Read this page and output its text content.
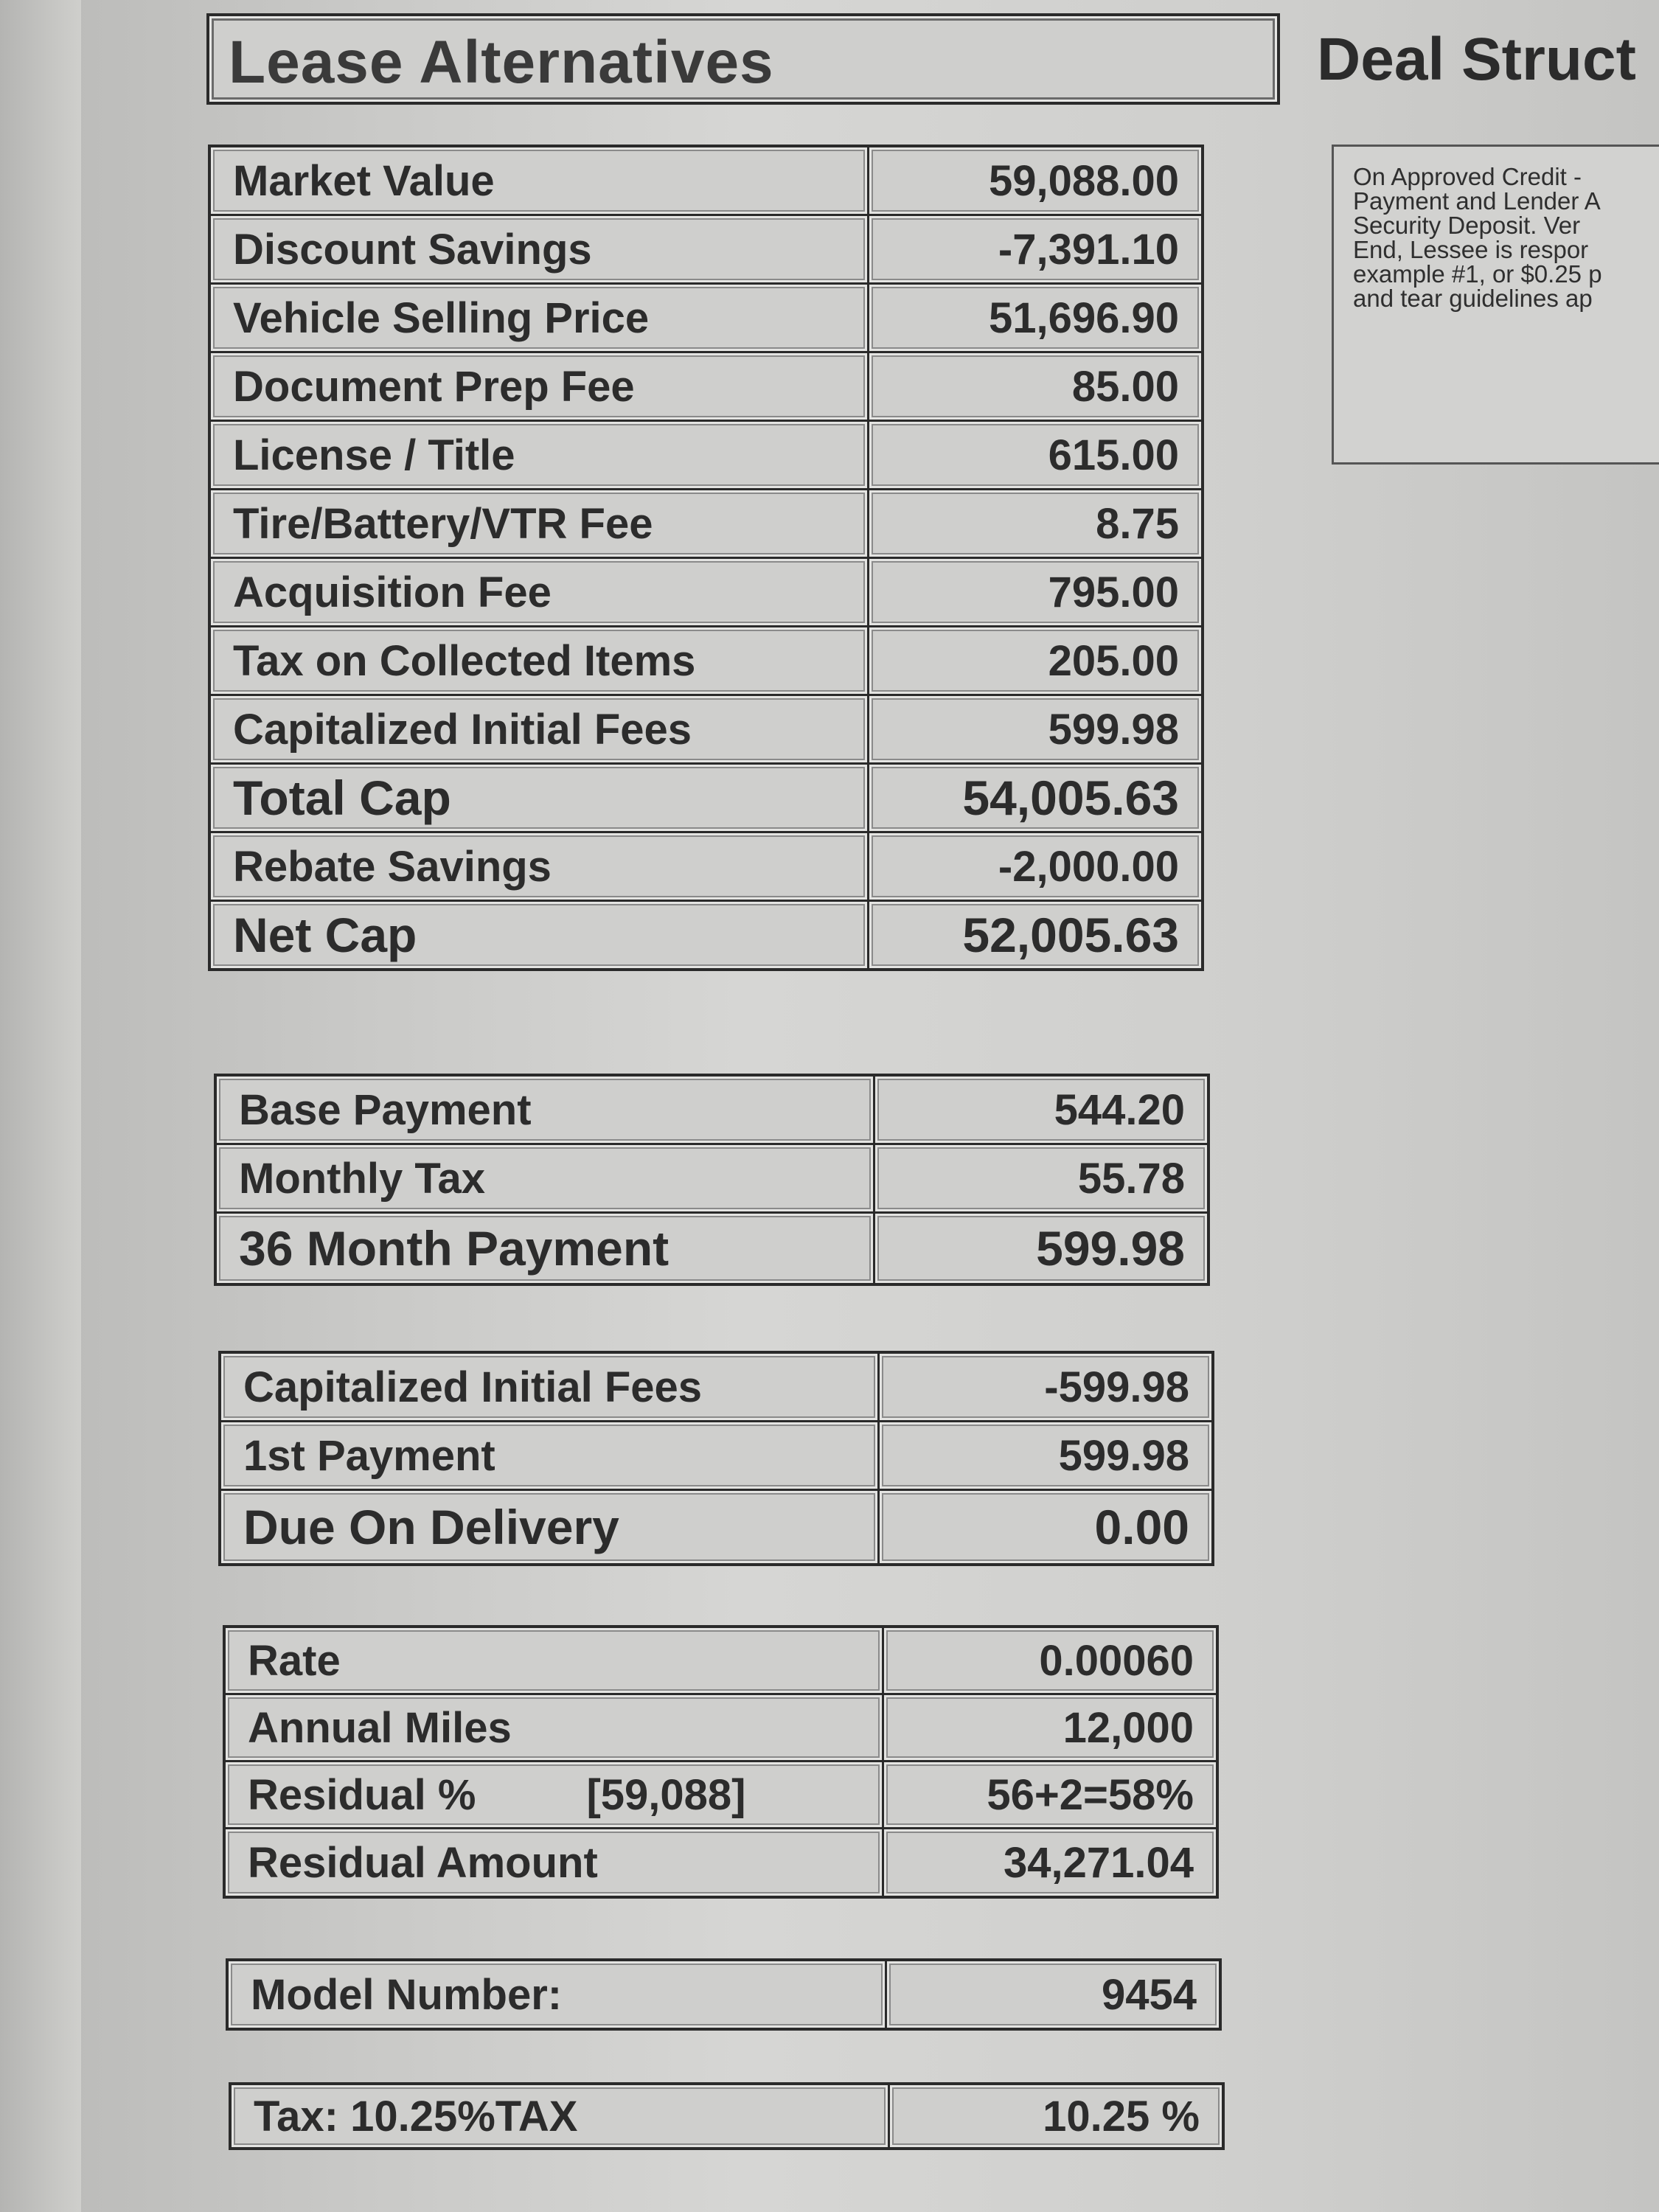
Lease Alternatives	Deal Struct
On Approved Credit -
Payment and Lender A
Security Deposit. Ver
End, Lessee is respor
example #1, or $0.25 p
and tear guidelines ap
Market Value	59,088.00
Discount Savings	-7,391.10
Vehicle Selling Price	51,696.90
Document Prep Fee	85.00
License / Title	615.00
Tire/Battery/VTR Fee	8.75
Acquisition Fee	795.00
Tax on Collected Items	205.00
Capitalized Initial Fees	599.98
Total Cap	54,005.63
Rebate Savings	-2,000.00
Net Cap	52,005.63
Base Payment	544.20
Monthly Tax	55.78
36 Month Payment	599.98
Capitalized Initial Fees	-599.98
1st Payment	599.98
Due On Delivery	0.00
Rate	0.00060
Annual Miles	12,000
Residual % [59,088]	56+2=58%
Residual Amount	34,271.04
Model Number:	9454
Tax: 10.25%TAX	10.25 %
